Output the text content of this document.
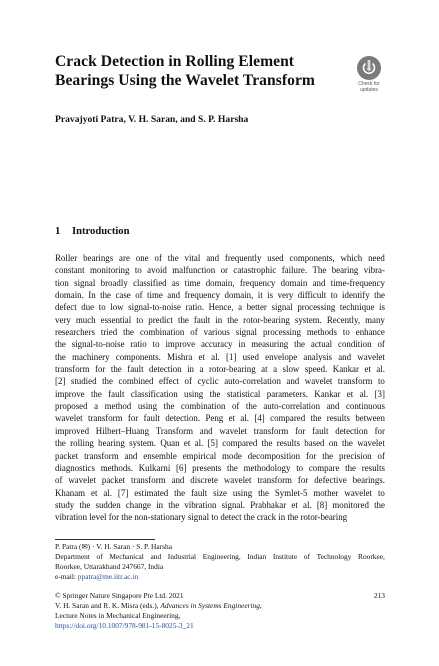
Crack Detection in Rolling Element
Bearings Using the Wavelet Transform	Check for
updates
Pravajyoti Patra, V. H. Saran, and S. P. Harsha
1 Introduction
Roller bearings are one of the vital and frequently used components, which need
constant monitoring to avoid malfunction or catastrophic failure. The bearing vibra-
tion signal broadly classified as time domain, frequency domain and time-frequency
domain. In the case of time and frequency domain, it is very difficult to identify the
defect due to low signal-to-noise ratio. Hence, a better signal processing technique is
very much essential to predict the fault in the rotor-bearing system. Recently, many
researchers tried the combination of various signal processing methods to enhance
the signal-to-noise ratio to improve accuracy in measuring the actual condition of
the machinery components. Mishra et al. [1] used envelope analysis and wavelet
transform for the fault detection in a rotor-bearing at a slow speed. Kankar et al.
[2] studied the combined effect of cyclic auto-correlation and wavelet transform to
improve the fault classification using the statistical parameters. Kankar et al. [3]
proposed a method using the combination of the auto-correlation and continuous
wavelet transform for fault detection. Peng et al. [4] compared the results between
improved Hilbert–Huang Transform and wavelet transform for fault detection for
the rolling bearing system. Quan et al. [5] compared the results based on the wavelet
packet transform and ensemble empirical mode decomposition for the precision of
diagnostics methods. Kulkarni [6] presents the methodology to compare the results
of wavelet packet transform and discrete wavelet transform for defective bearings.
Khanam et al. [7] estimated the fault size using the Symlet-5 mother wavelet to
study the sudden change in the vibration signal. Prabhakar et al. [8] monitored the
vibration level for the non-stationary signal to detect the crack in the rotor-bearing
P. Patra (✉) · V. H. Saran · S. P. Harsha
Department of Mechanical and Industrial Engineering, Indian Institute of Technology Roorkee,
Roorkee, Uttarakhand 247667, India
e-mail: ppatra@me.iitr.ac.in
© Springer Nature Singapore Pte Ltd. 2021	213
V. H. Saran and R. K. Misra (eds.), Advances in Systems Engineering,
Lecture Notes in Mechanical Engineering,
https://doi.org/10.1007/978-981-15-8025-3_21
